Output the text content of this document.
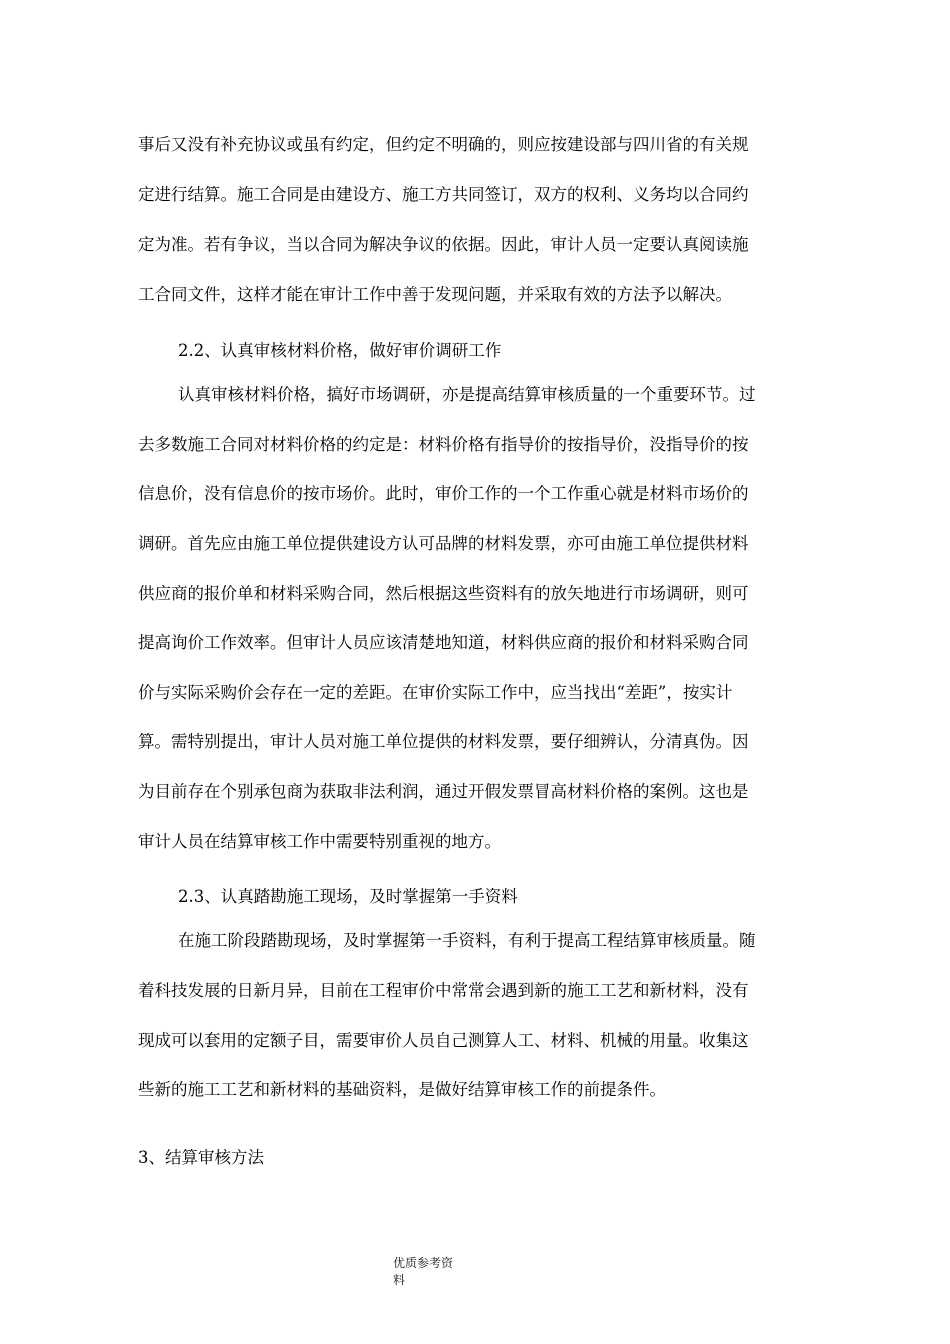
事后又没有补充协议或虽有约定，但约定不明确的，则应按建设部与四川省的有关规
定进行结算。施工合同是由建设方、施工方共同签订，双方的权利、义务均以合同约
定为准。若有争议，当以合同为解决争议的依据。因此，审计人员一定要认真阅读施
工合同文件，这样才能在审计工作中善于发现问题，并采取有效的方法予以解决。
2.2、认真审核材料价格，做好审价调研工作
认真审核材料价格，搞好市场调研，亦是提高结算审核质量的一个重要环节。过
去多数施工合同对材料价格的约定是：材料价格有指导价的按指导价，没指导价的按
信息价，没有信息价的按市场价。此时，审价工作的一个工作重心就是材料市场价的
调研。首先应由施工单位提供建设方认可品牌的材料发票，亦可由施工单位提供材料
供应商的报价单和材料采购合同，然后根据这些资料有的放矢地进行市场调研，则可
提高询价工作效率。但审计人员应该清楚地知道，材料供应商的报价和材料采购合同
价与实际采购价会存在一定的差距。在审价实际工作中，应当找出“差距”，按实计
算。需特别提出，审计人员对施工单位提供的材料发票，要仔细辨认，分清真伪。因
为目前存在个别承包商为获取非法利润，通过开假发票冒高材料价格的案例。这也是
审计人员在结算审核工作中需要特别重视的地方。
2.3、认真踏勘施工现场，及时掌握第一手资料
在施工阶段踏勘现场，及时掌握第一手资料，有利于提高工程结算审核质量。随
着科技发展的日新月异，目前在工程审价中常常会遇到新的施工工艺和新材料，没有
现成可以套用的定额子目，需要审价人员自己测算人工、材料、机械的用量。收集这
些新的施工工艺和新材料的基础资料，是做好结算审核工作的前提条件。
3、结算审核方法
优质参考资
料
